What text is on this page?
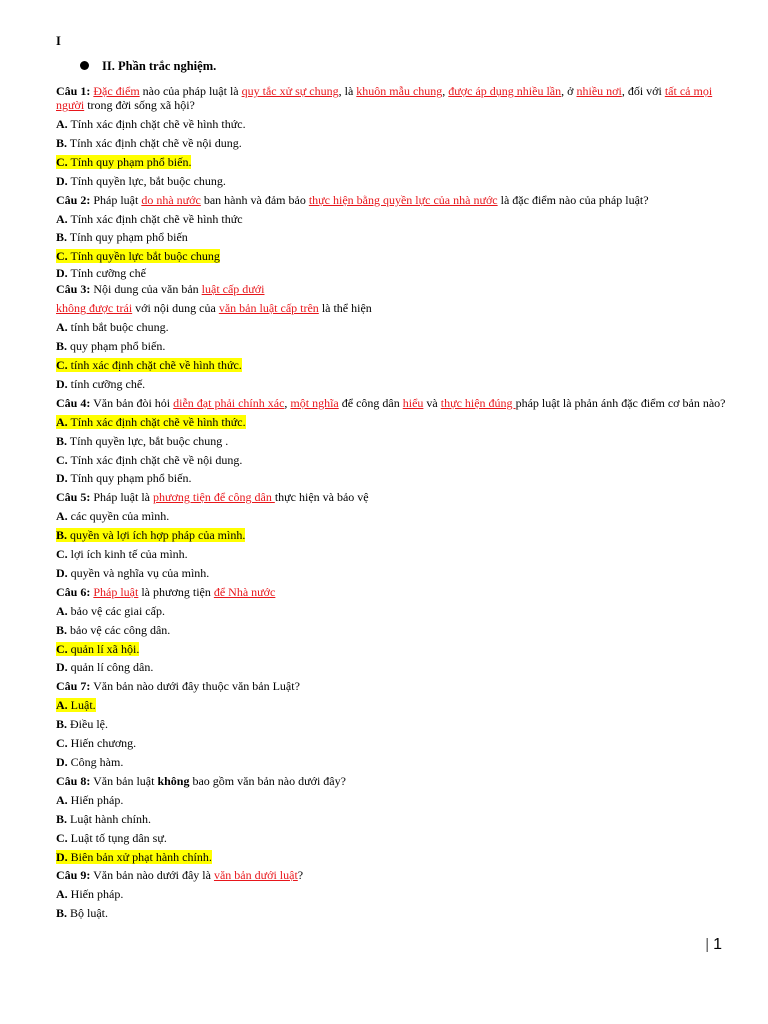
I
II. Phần trắc nghiệm.
Câu 1: Đặc điểm nào của pháp luật là quy tắc xử sự chung, là khuôn mẫu chung, được áp dụng nhiều lần, ở nhiều nơi, đối với tất cả mọi người trong đời sống xã hội?
A. Tính xác định chặt chẽ về hình thức.
B. Tính xác định chặt chẽ về nội dung.
C. Tính quy phạm phổ biến.
D. Tính quyền lực, bắt buộc chung.
Câu 2: Pháp luật do nhà nước ban hành và đảm bảo thực hiện bằng quyền lực của nhà nước là đặc điểm nào của pháp luật?
A. Tính xác định chặt chẽ về hình thức
B. Tính quy phạm phổ biến
C. Tính quyền lực bắt buộc chung
D. Tính cưỡng chế
Câu 3: Nội dung của văn bản luật cấp dưới
không được trái với nội dung của văn bản luật cấp trên là thể hiện
A. tính bắt buộc chung.
B. quy phạm phổ biến.
C. tính xác định chặt chẽ về hình thức.
D. tính cưỡng chế.
Câu 4: Văn bản đòi hỏi diễn đạt phải chính xác, một nghĩa để công dân hiểu và thực hiện đúng pháp luật là phản ánh đặc điểm cơ bản nào?
A. Tính xác định chặt chẽ về hình thức.
B. Tính quyền lực, bắt buộc chung .
C. Tính xác định chặt chẽ về nội dung.
D. Tính quy phạm phổ biến.
Câu 5: Pháp luật là phương tiện để công dân thực hiện và bảo vệ
A. các quyền của mình.
B. quyền và lợi ích hợp pháp của mình.
C. lợi ích kinh tế của mình.
D. quyền và nghĩa vụ của mình.
Câu 6: Pháp luật là phương tiện để Nhà nước
A. bảo vệ các giai cấp.
B. bảo vệ các công dân.
C. quản lí xã hội.
D. quản lí công dân.
Câu 7: Văn bản nào dưới đây thuộc văn bản Luật?
A. Luật.
B. Điều lệ.
C. Hiến chương.
D. Công hàm.
Câu 8: Văn bản luật không bao gồm văn bản nào dưới đây?
A. Hiến pháp.
B. Luật hành chính.
C. Luật tố tụng dân sự.
D. Biên bản xử phạt hành chính.
Câu 9: Văn bản nào dưới đây là văn bản dưới luật?
A. Hiến pháp.
B. Bộ luật.
| 1
